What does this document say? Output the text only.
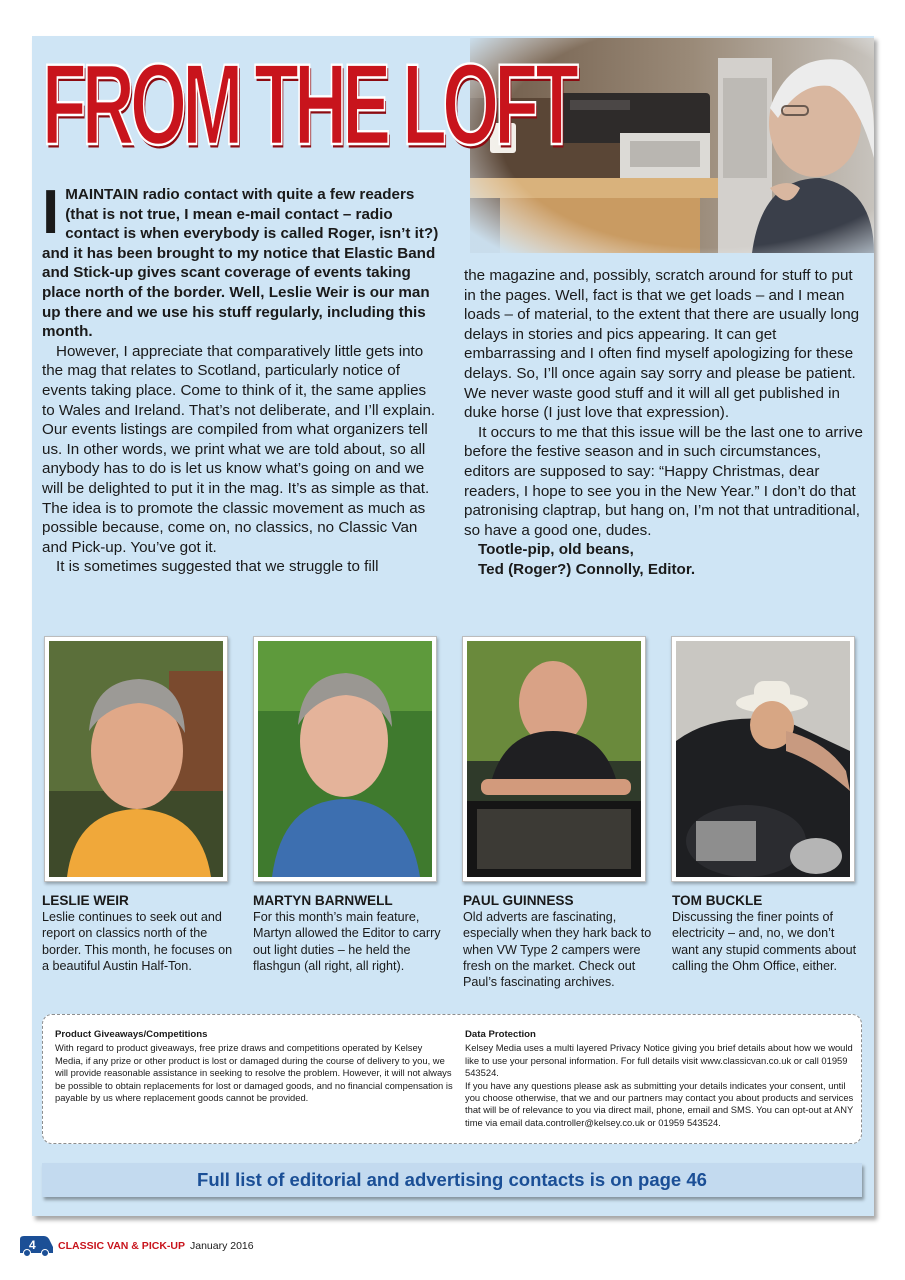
FROM THE LOFT

IMAINTAIN radio contact with quite a few readers (that is not true, I mean e-mail contact – radio contact is when everybody is called Roger, isn’t it?) and it has been brought to my notice that Elastic Band and Stick-up gives scant coverage of events taking place north of the border. Well, Leslie Weir is our man up there and we use his stuff regularly, including this month.

However, I appreciate that comparatively little gets into the mag that relates to Scotland, particularly notice of events taking place. Come to think of it, the same applies to Wales and Ireland. That’s not deliberate, and I’ll explain. Our events listings are compiled from what organizers tell us. In other words, we print what we are told about, so all anybody has to do is let us know what’s going on and we will be delighted to put it in the mag. It’s as simple as that. The idea is to promote the classic movement as much as possible because, come on, no classics, no Classic Van and Pick-up. You’ve got it.

It is sometimes suggested that we struggle to fill

the magazine and, possibly, scratch around for stuff to put in the pages. Well, fact is that we get loads – and I mean loads – of material, to the extent that there are usually long delays in stories and pics appearing. It can get embarrassing and I often find myself apologizing for these delays. So, I’ll once again say sorry and please be patient. We never waste good stuff and it will all get published in duke horse (I just love that expression).

It occurs to me that this issue will be the last one to arrive before the festive season and in such circumstances, editors are supposed to say: “Happy Christmas, dear readers, I hope to see you in the New Year.” I don’t do that patronising claptrap, but hang on, I’m not that untraditional, so have a good one, dudes.

Tootle-pip, old beans,

Ted (Roger?) Connolly, Editor.

LESLIE WEIR
Leslie continues to seek out and report on classics north of the border. This month, he focuses on a beautiful Austin Half-Ton.
MARTYN BARNWELL
For this month’s main feature, Martyn allowed the Editor to carry out light duties – he held the flashgun (all right, all right).
PAUL GUINNESS
Old adverts are fascinating, especially when they hark back to when VW Type 2 campers were fresh on the market. Check out Paul’s fascinating archives.
TOM BUCKLE
Discussing the finer points of electricity – and, no, we don’t want any stupid comments about calling the Ohm Office, either.
Product Giveaways/Competitions

With regard to product giveaways, free prize draws and competitions operated by Kelsey Media, if any prize or other product is lost or damaged during the course of delivery to you, we will provide reasonable assistance in seeking to resolve the problem. However, it will not always be possible to obtain replacements for lost or damaged goods, and no financial compensation is payable by us where replacement goods cannot be provided.

Data Protection

Kelsey Media uses a multi layered Privacy Notice giving you brief details about how we would like to use your personal information. For full details visit www.classicvan.co.uk or call 01959 543524.

If you have any questions please ask as submitting your details indicates your consent, until you choose otherwise, that we and our partners may contact you about products and services that will be of relevance to you via direct mail, phone, email and SMS. You can opt-out at ANY time via email data.controller@kelsey.co.uk or 01959 543524.

Full list of editorial and advertising contacts is on page 46
4 CLASSIC VAN & PICK-UP January 2016
